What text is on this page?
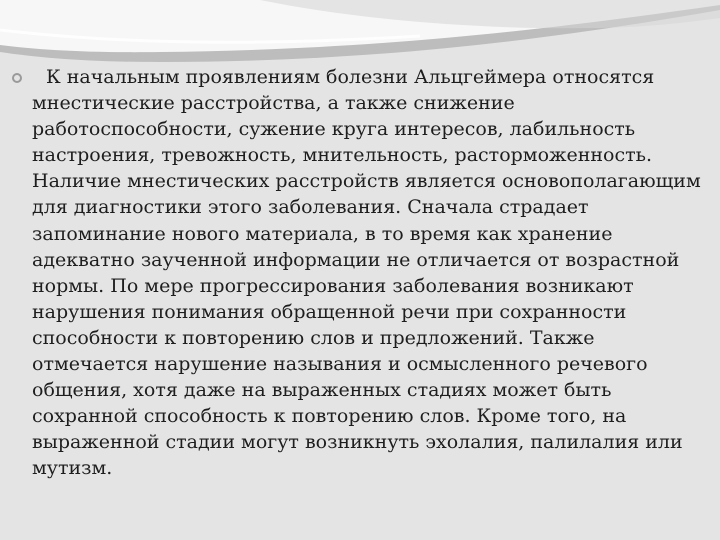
К начальным проявлениям болезни Альцгеймера относятся мнестические расстройства, а также снижение работоспособности, сужение круга интересов, лабильность настроения, тревожность, мнительность, расторможенность. Наличие мнестических расстройств является основополагающим для диагностики этого заболевания. Сначала страдает запоминание нового материала, в то время как хранение адекватно заученной информации не отличается от возрастной нормы. По мере прогрессирования заболевания возникают нарушения понимания обращенной речи при сохранности способности к повторению слов и предложений. Также отмечается нарушение называния и осмысленного речевого общения, хотя даже на выраженных стадиях может быть сохранной способность к повторению слов. Кроме того, на выраженной стадии могут возникнуть эхолалия, палилалия или мутизм.
